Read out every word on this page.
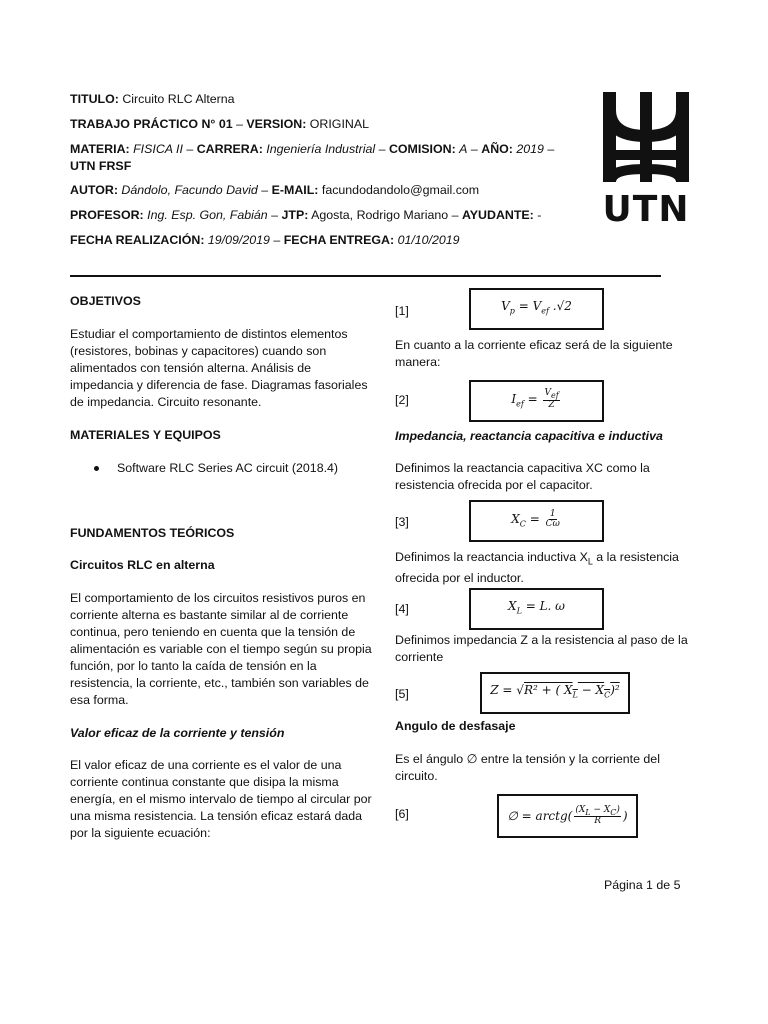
TITULO: Circuito RLC Alterna
TRABAJO PRÁCTICO N° 01 – VERSION: ORIGINAL
MATERIA: FISICA II – CARRERA: Ingeniería Industrial – COMISION: A – AÑO: 2019 –
UTN FRSF
AUTOR: Dándolo, Facundo David – E-MAIL: facundodandolo@gmail.com
PROFESOR: Ing. Esp. Gon, Fabián – JTP: Agosta, Rodrigo Mariano – AYUDANTE: -
FECHA REALIZACIÓN: 19/09/2019 – FECHA ENTREGA: 01/10/2019
UTN
OBJETIVOS
Estudiar el comportamiento de distintos elementos (resistores, bobinas y capacitores) cuando son alimentados con tensión alterna. Análisis de impedancia y diferencia de fase. Diagramas fasoriales de impedancia. Circuito resonante.
MATERIALES Y EQUIPOS
Software RLC Series AC circuit (2018.4)
FUNDAMENTOS TEÓRICOS
Circuitos RLC en alterna
El comportamiento de los circuitos resistivos puros en corriente alterna es bastante similar al de corriente continua, pero teniendo en cuenta que la tensión de alimentación es variable con el tiempo según su propia función, por lo tanto la caída de tensión en la resistencia, la corriente, etc., también son variables de esa forma.
Valor eficaz de la corriente y tensión
El valor eficaz de una corriente es el valor de una corriente continua constante que disipa la misma energía, en el mismo intervalo de tiempo al circular por una misma resistencia. La tensión eficaz estará dada por la siguiente ecuación:
[1]	$V_p = V_{ef}$ .√2
En cuanto a la corriente eficaz será de la siguiente manera:
[2]	$I_{ef} = \frac{V_{ef}}{Z}$
Impedancia, reactancia capacitiva e inductiva
Definimos la reactancia capacitiva XC como la resistencia ofrecida por el capacitor.
[3]	$X_C = \frac{1}{C\omega}$
Definimos la reactancia inductiva $X_L$ a la resistencia ofrecida por el inductor.
[4]	$X_L = L$. ω
Definimos impedancia Z a la resistencia al paso de la corriente
[5]	Z = √R² + ( $X_L - X_C)^2$
Angulo de desfasaje
Es el ángulo ∅ entre la tensión y la corriente del circuito.
[6]	∅ = arctg( $\frac{(X_L - X_C)}{R}$ )
Página 1 de 5
